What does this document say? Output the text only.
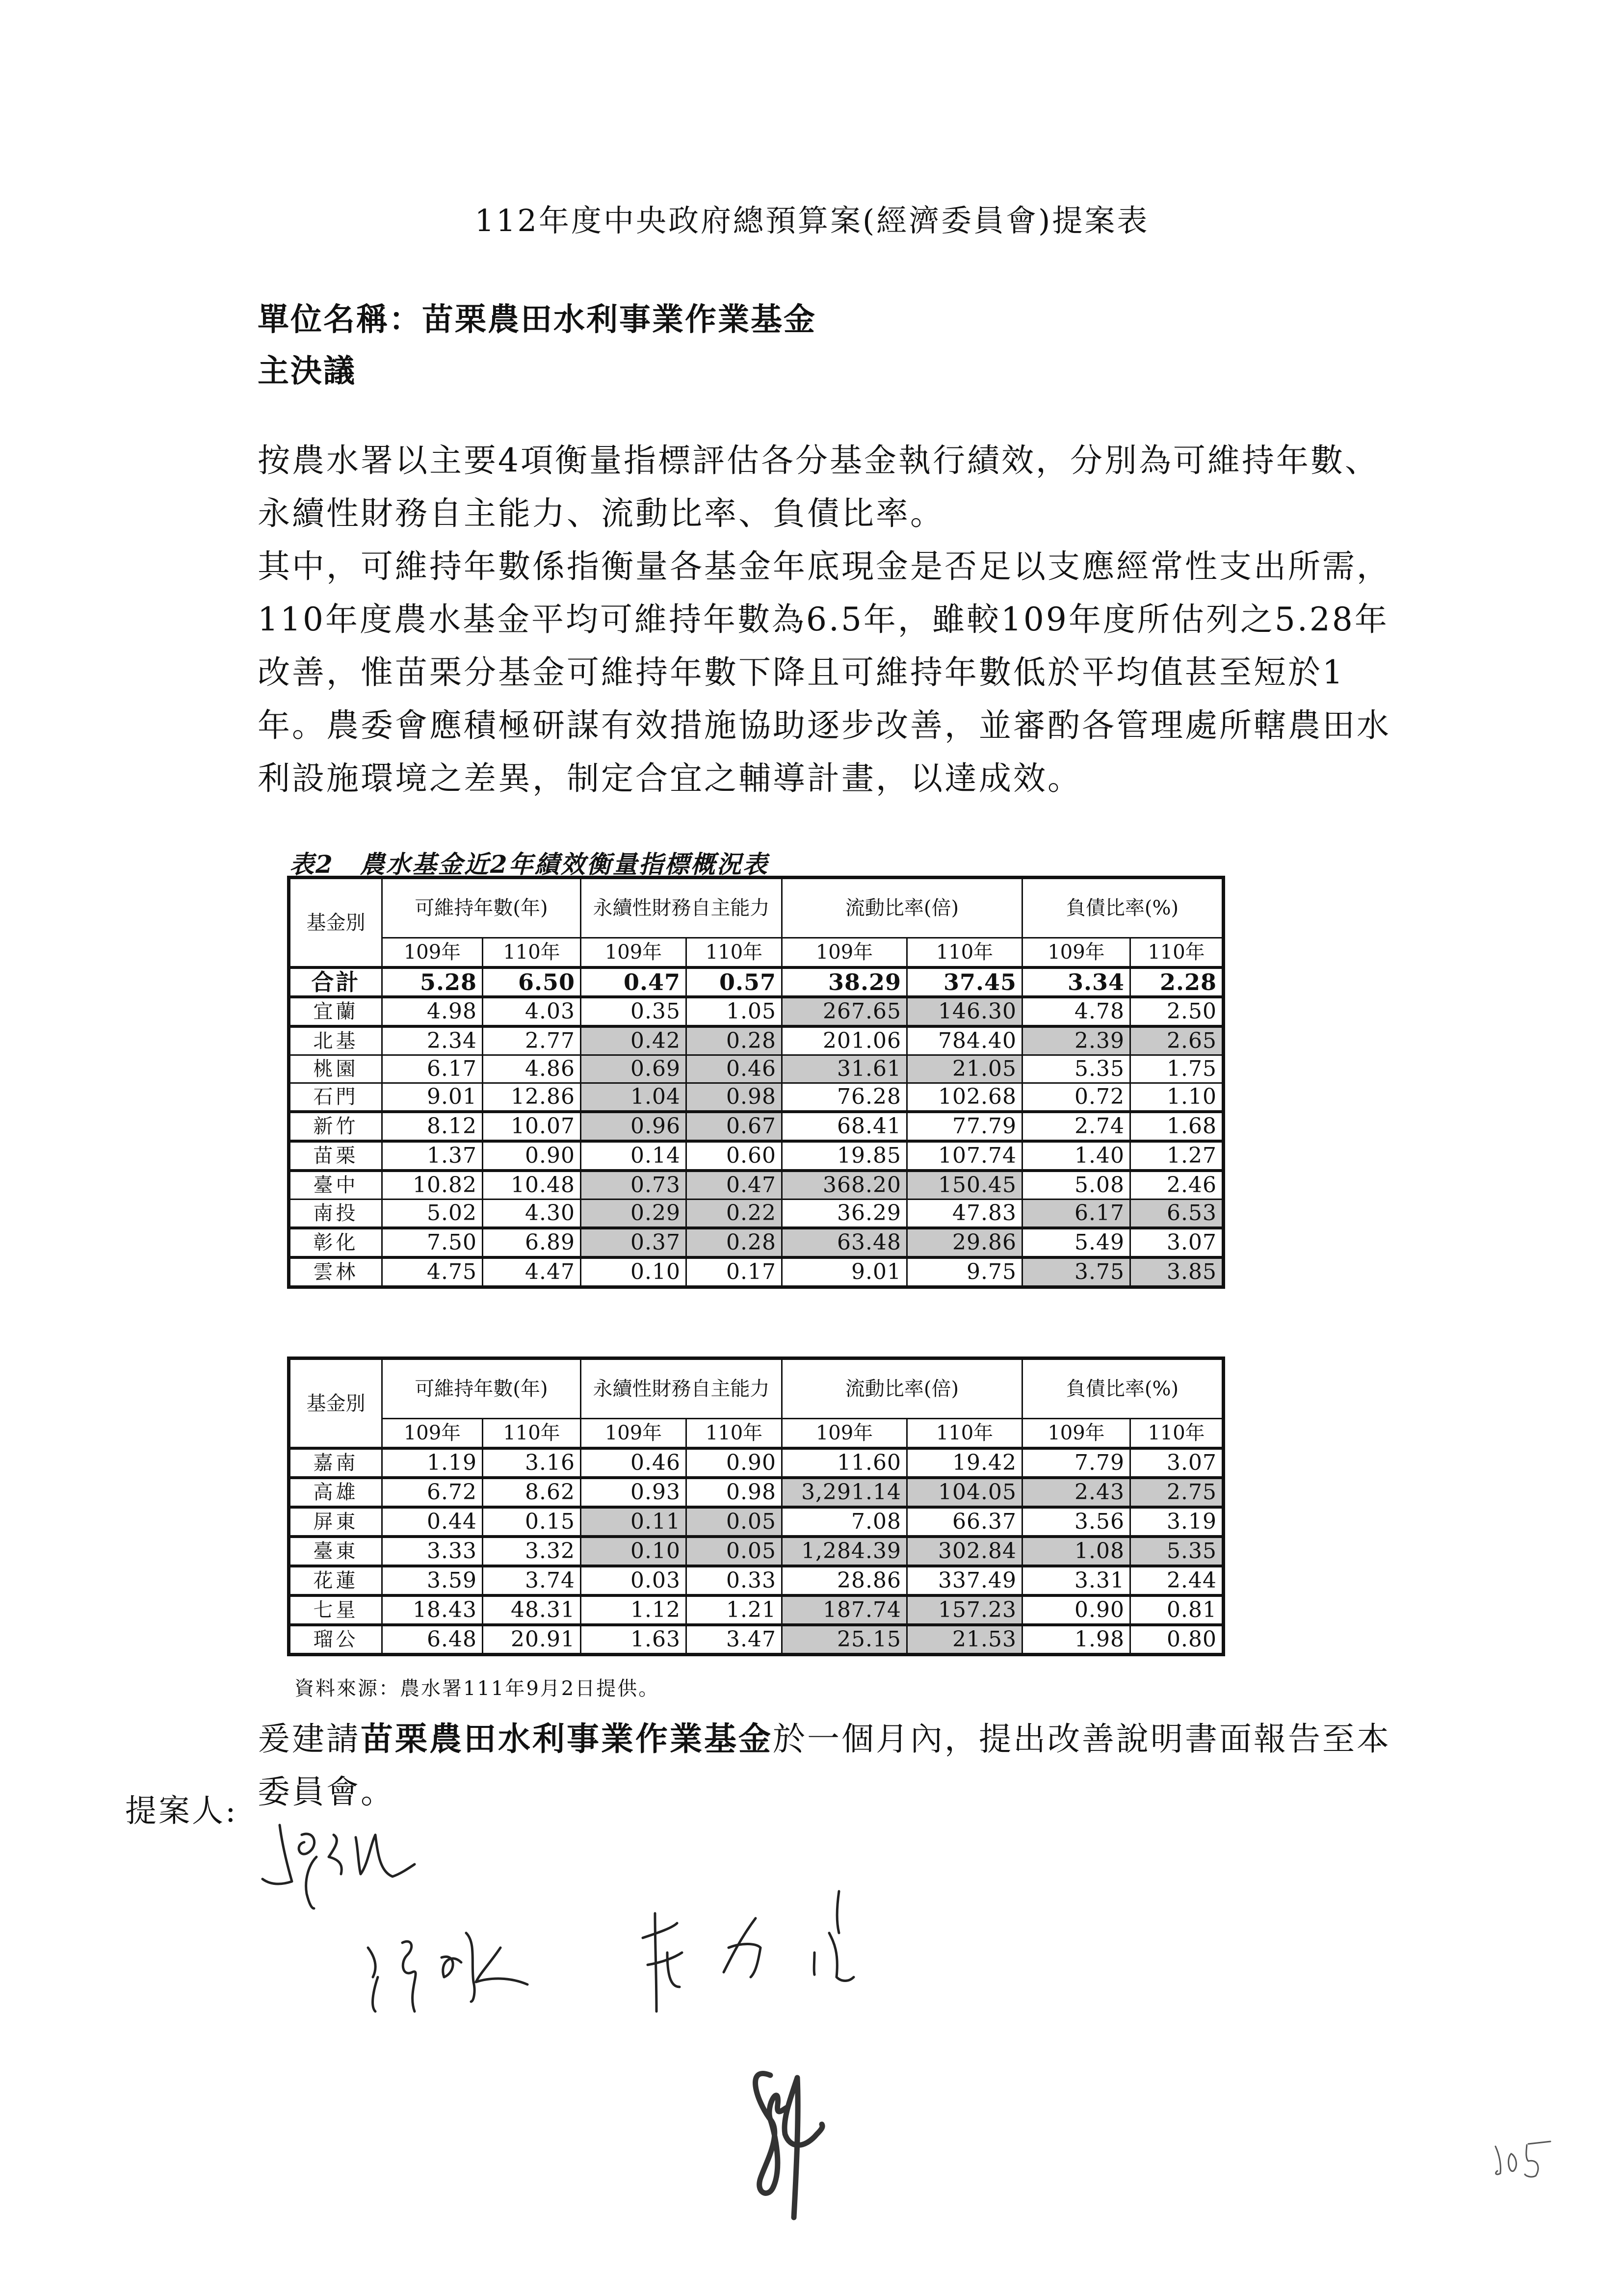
112年度中央政府總預算案(經濟委員會)提案表
單位名稱：苗栗農田水利事業作業基金
主決議

按農水署以主要4項衡量指標評估各分基金執行績效，分別為可維持年數、永續性財務自主能力、流動比率、負債比率。

其中，可維持年數係指衡量各基金年底現金是否足以支應經常性支出所需，110年度農水基金平均可維持年數為6.5年，雖較109年度所估列之5.28年改善，惟苗栗分基金可維持年數下降且可維持年數低於平均值甚至短於1年。農委會應積極研謀有效措施協助逐步改善，並審酌各管理處所轄農田水利設施環境之差異，制定合宜之輔導計畫，以達成效。

表2　農水基金近2年績效衡量指標概況表
基金別	可維持年數(年)		永續性財務自主能力		流動比率(倍)		負債比率(%)	
	109年	110年	109年	110年	109年	110年	109年	110年
合計	5.28	6.50	0.47	0.57	38.29	37.45	3.34	2.28
宜蘭	4.98	4.03	0.35	1.05	267.65	146.30	4.78	2.50
北基	2.34	2.77	0.42	0.28	201.06	784.40	2.39	2.65
桃園	6.17	4.86	0.69	0.46	31.61	21.05	5.35	1.75
石門	9.01	12.86	1.04	0.98	76.28	102.68	0.72	1.10
新竹	8.12	10.07	0.96	0.67	68.41	77.79	2.74	1.68
苗栗	1.37	0.90	0.14	0.60	19.85	107.74	1.40	1.27
臺中	10.82	10.48	0.73	0.47	368.20	150.45	5.08	2.46
南投	5.02	4.30	0.29	0.22	36.29	47.83	6.17	6.53
彰化	7.50	6.89	0.37	0.28	63.48	29.86	5.49	3.07
雲林	4.75	4.47	0.10	0.17	9.01	9.75	3.75	3.85
基金別	可維持年數(年)		永續性財務自主能力		流動比率(倍)		負債比率(%)	
	109年	110年	109年	110年	109年	110年	109年	110年
嘉南	1.19	3.16	0.46	0.90	11.60	19.42	7.79	3.07
高雄	6.72	8.62	0.93	0.98	3,291.14	104.05	2.43	2.75
屏東	0.44	0.15	0.11	0.05	7.08	66.37	3.56	3.19
臺東	3.33	3.32	0.10	0.05	1,284.39	302.84	1.08	5.35
花蓮	3.59	3.74	0.03	0.33	28.86	337.49	3.31	2.44
七星	18.43	48.31	1.12	1.21	187.74	157.23	0.90	0.81
瑠公	6.48	20.91	1.63	3.47	25.15	21.53	1.98	0.80
資料來源：農水署111年9月2日提供。

爰建請苗栗農田水利事業作業基金於一個月內，提出改善說明書面報告至本委員會。

提案人:
